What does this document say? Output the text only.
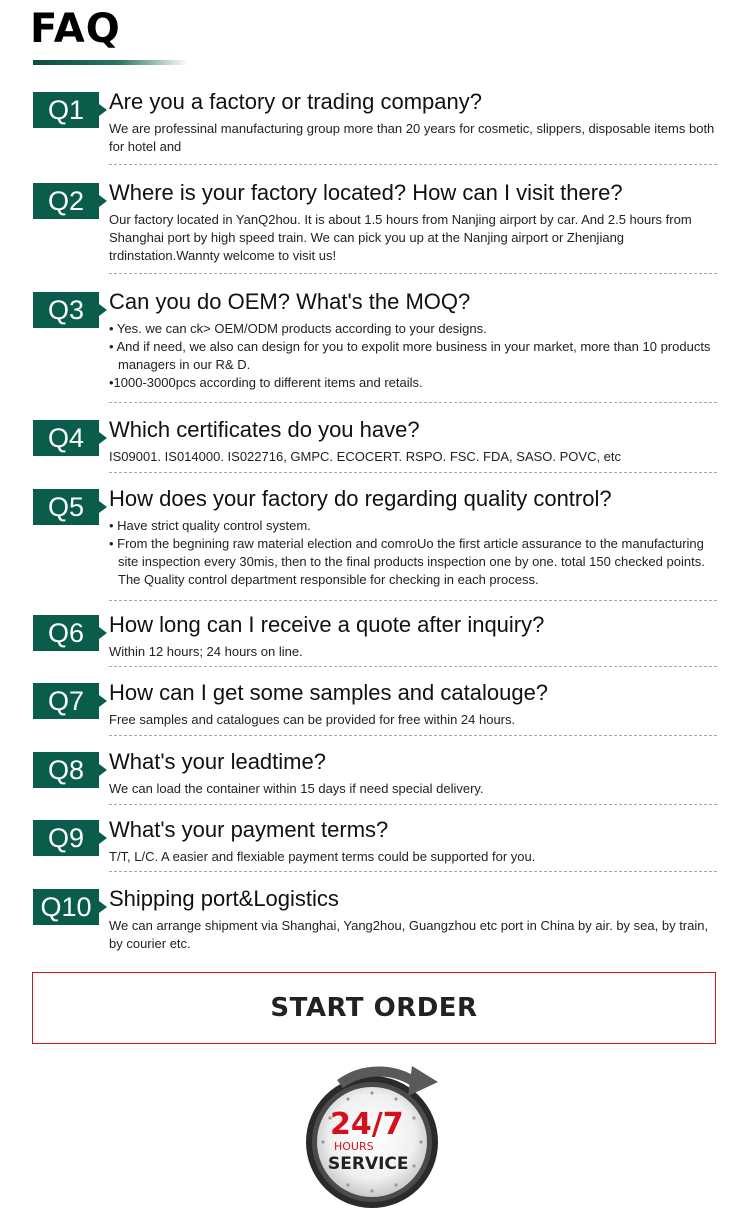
FAQ
Q1	Are you a factory or trading company?
We are professinal manufacturing group more than 20 years for cosmetic, slippers, disposable items both for hotel and
Q2	Where is your factory located? How can I visit there?
Our factory located in YanQ2hou. It is about 1.5 hours from Nanjing airport by car. And 2.5 hours from Shanghai port by high speed train. We can pick you up at the Nanjing airport or Zhenjiang trdinstation.Wannty welcome to visit us!
Q3	Can you do OEM? What's the MOQ?
• Yes. we can ck> OEM/ODM products according to your designs.
• And if need, we also can design for you to expolit more business in your market, more than 10 products managers in our R& D.
•1000-3000pcs according to different items and retails.
Q4	Which certificates do you have?
IS09001. IS014000. IS022716, GMPC. ECOCERT. RSPO. FSC. FDA, SASO. POVC, etc
Q5	How does your factory do regarding quality control?
• Have strict quality control system.
• From the begnining raw material election and comroUo the first article assurance to the manufacturing site inspection every 30mis, then to the final products inspection one by one. total 150 checked points. The Quality control department responsible for checking in each process.
Q6	How long can I receive a quote after inquiry?
Within 12 hours; 24 hours on line.
Q7	How can I get some samples and catalouge?
Free samples and catalogues can be provided for free within 24 hours.
Q8	What's your leadtime?
We can load the container within 15 days if need special delivery.
Q9	What's your payment terms?
T/T, L/C. A easier and flexiable payment terms could be supported for you.
Q10 Shipping port&Logistics
We can arrange shipment via Shanghai, Yang2hou, Guangzhou etc port in China by air. by sea, by train, by courier etc.
START ORDER
24/7
HOURS
SERVICE
